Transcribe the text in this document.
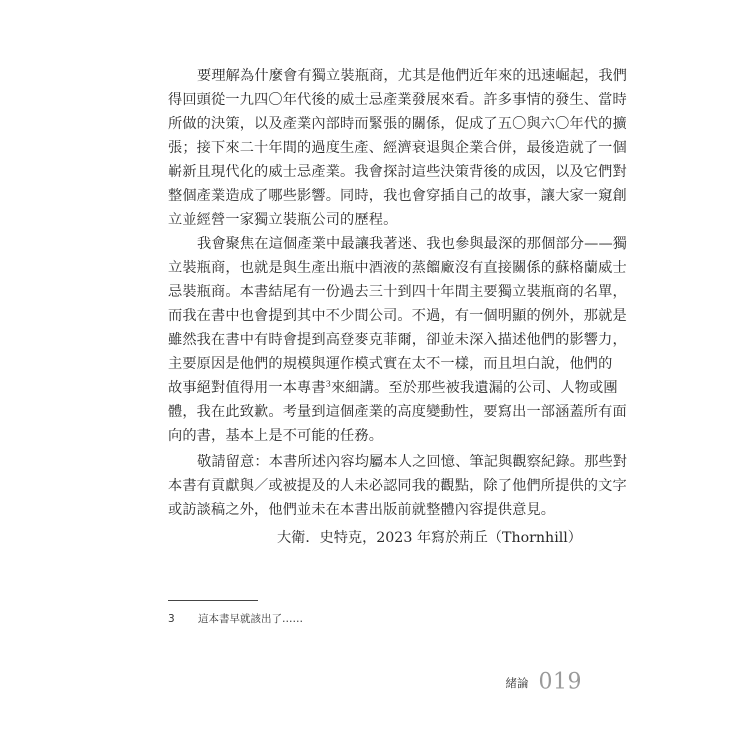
要理解為什麼會有獨立裝瓶商，尤其是他們近年來的迅速崛起，我們
得回頭從一九四〇年代後的威士忌產業發展來看。許多事情的發生、當時
所做的決策，以及產業內部時而緊張的關係，促成了五〇與六〇年代的擴
張；接下來二十年間的過度生產、經濟衰退與企業合併，最後造就了一個
嶄新且現代化的威士忌產業。我會探討這些決策背後的成因，以及它們對
整個產業造成了哪些影響。同時，我也會穿插自己的故事，讓大家一窺創
立並經營一家獨立裝瓶公司的歷程。
我會聚焦在這個產業中最讓我著迷、我也參與最深的那個部分——獨
立裝瓶商，也就是與生產出瓶中酒液的蒸餾廠沒有直接關係的蘇格蘭威士
忌裝瓶商。本書結尾有一份過去三十到四十年間主要獨立裝瓶商的名單，
而我在書中也會提到其中不少間公司。不過，有一個明顯的例外，那就是
雖然我在書中有時會提到高登麥克菲爾，卻並未深入描述他們的影響力，
主要原因是他們的規模與運作模式實在太不一樣，而且坦白說，他們的
故事絕對值得用一本專書$^3$來細講。至於那些被我遺漏的公司、人物或團
體，我在此致歉。考量到這個產業的高度變動性，要寫出一部涵蓋所有面
向的書，基本上是不可能的任務。
敬請留意：本書所述內容均屬本人之回憶、筆記與觀察紀錄。那些對
本書有貢獻與／或被提及的人未必認同我的觀點，除了他們所提供的文字
或訪談稿之外，他們並未在本書出版前就整體內容提供意見。
大衛．史特克，2023 年寫於荊丘（Thornhill）
3 這本書早就該出了……
緒論 019
